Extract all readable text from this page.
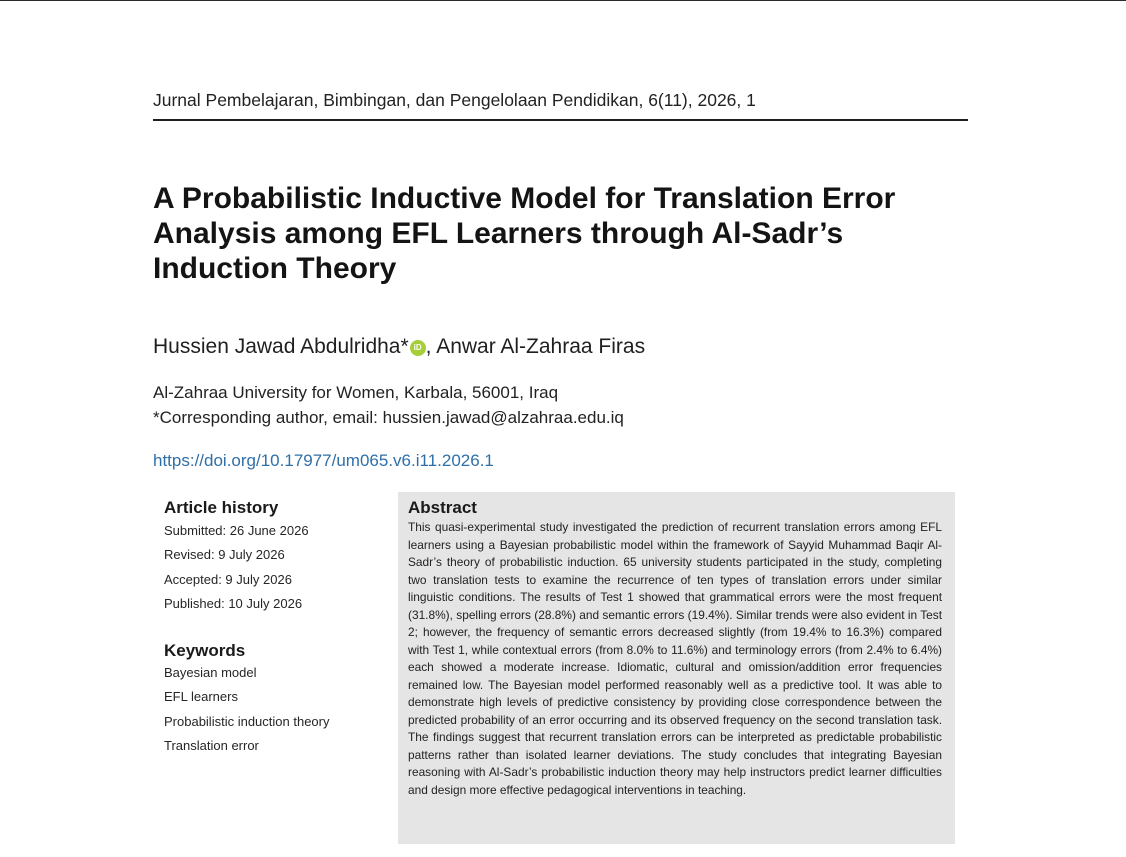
Jurnal Pembelajaran, Bimbingan, dan Pengelolaan Pendidikan, 6(11), 2026, 1
A Probabilistic Inductive Model for Translation Error
Analysis among EFL Learners through Al-Sadr’s
Induction Theory
Hussien Jawad Abdulridha* iD , Anwar Al-Zahraa Firas
Al-Zahraa University for Women, Karbala, 56001, Iraq
*Corresponding author, email: hussien.jawad@alzahraa.edu.iq
https://doi.org/10.17977/um065.v6.i11.2026.1
Article history
Submitted: 26 June 2026
Revised: 9 July 2026
Accepted: 9 July 2026
Published: 10 July 2026
Keywords
Bayesian model
EFL learners
Probabilistic induction theory
Translation error
Abstract

This quasi-experimental study investigated the prediction of recurrent translation errors among EFL learners using a Bayesian probabilistic model within the framework of Sayyid Muhammad Baqir Al-Sadr’s theory of probabilistic induction. 65 university students participated in the study, completing two translation tests to examine the recurrence of ten types of translation errors under similar linguistic conditions. The results of Test 1 showed that grammatical errors were the most frequent (31.8%), spelling errors (28.8%) and semantic errors (19.4%). Similar trends were also evident in Test 2; however, the frequency of semantic errors decreased slightly (from 19.4% to 16.3%) compared with Test 1, while contextual errors (from 8.0% to 11.6%) and terminology errors (from 2.4% to 6.4%) each showed a moderate increase. Idiomatic, cultural and omission/addition error frequencies remained low. The Bayesian model performed reasonably well as a predictive tool. It was able to demonstrate high levels of predictive consistency by providing close correspondence between the predicted probability of an error occurring and its observed frequency on the second translation task. The findings suggest that recurrent translation errors can be interpreted as predictable probabilistic patterns rather than isolated learner deviations. The study concludes that integrating Bayesian reasoning with Al-Sadr’s probabilistic induction theory may help instructors predict learner difficulties and design more effective pedagogical interventions in teaching.
